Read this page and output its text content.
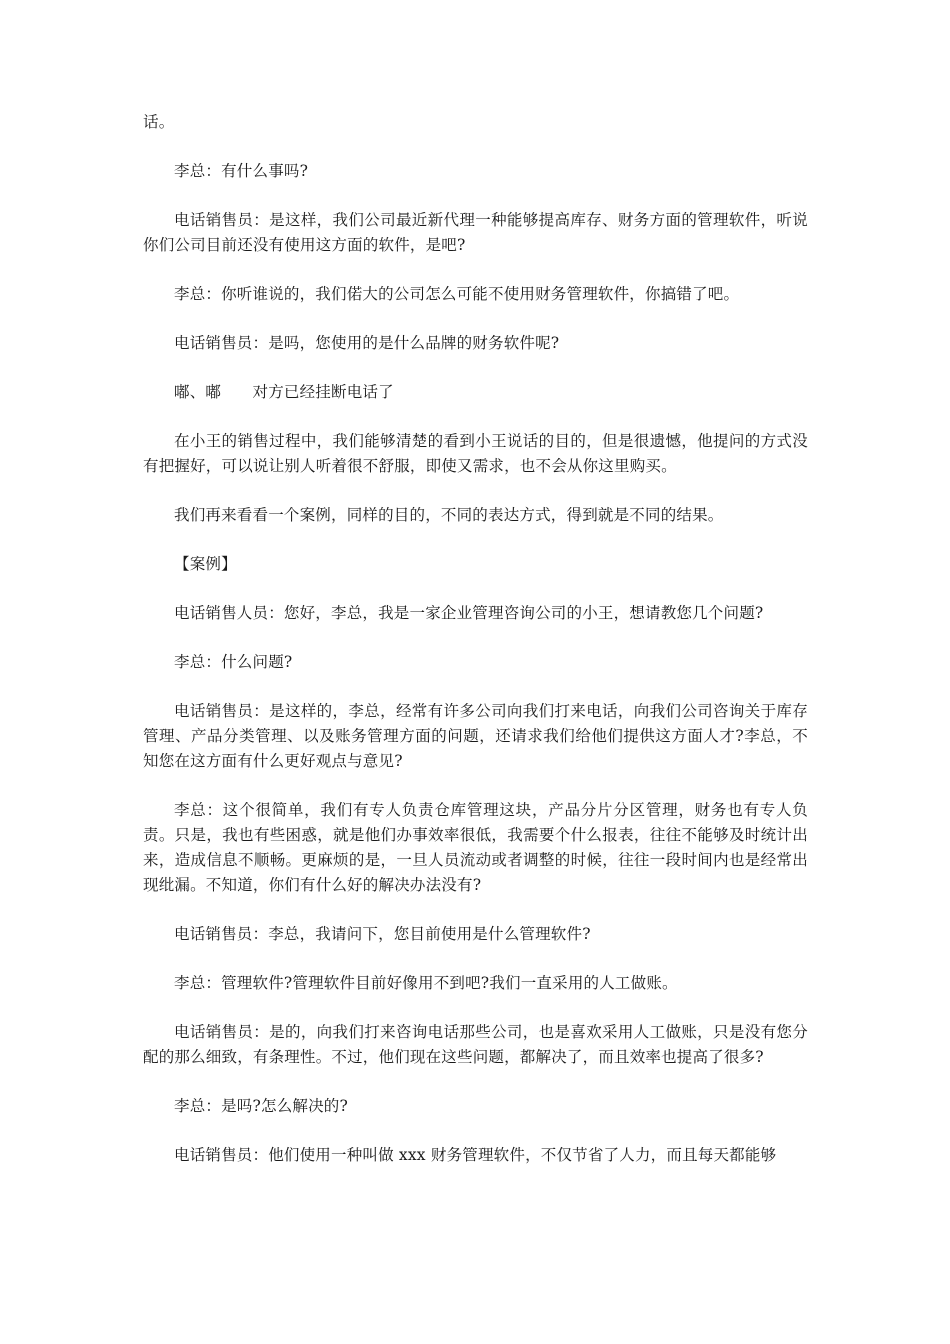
话。

李总：有什么事吗?

电话销售员：是这样，我们公司最近新代理一种能够提高库存、财务方面的管理软件，听说你们公司目前还没有使用这方面的软件，是吧?

李总：你听谁说的，我们偌大的公司怎么可能不使用财务管理软件，你搞错了吧。

电话销售员：是吗，您使用的是什么品牌的财务软件呢?

嘟、嘟　　对方已经挂断电话了

在小王的销售过程中，我们能够清楚的看到小王说话的目的，但是很遗憾，他提问的方式没有把握好，可以说让别人听着很不舒服，即使又需求，也不会从你这里购买。

我们再来看看一个案例，同样的目的，不同的表达方式，得到就是不同的结果。

【案例】

电话销售人员：您好，李总，我是一家企业管理咨询公司的小王，想请教您几个问题?

李总：什么问题?

电话销售员：是这样的，李总，经常有许多公司向我们打来电话，向我们公司咨询关于库存管理、产品分类管理、以及账务管理方面的问题，还请求我们给他们提供这方面人才?李总，不知您在这方面有什么更好观点与意见?

李总：这个很简单，我们有专人负责仓库管理这块，产品分片分区管理，财务也有专人负责。只是，我也有些困惑，就是他们办事效率很低，我需要个什么报表，往往不能够及时统计出来，造成信息不顺畅。更麻烦的是，一旦人员流动或者调整的时候，往往一段时间内也是经常出现纰漏。不知道，你们有什么好的解决办法没有?

电话销售员：李总，我请问下，您目前使用是什么管理软件?

李总：管理软件?管理软件目前好像用不到吧?我们一直采用的人工做账。

电话销售员：是的，向我们打来咨询电话那些公司，也是喜欢采用人工做账，只是没有您分配的那么细致，有条理性。不过，他们现在这些问题，都解决了，而且效率也提高了很多?

李总：是吗?怎么解决的?

电话销售员：他们使用一种叫做 xxx 财务管理软件，不仅节省了人力，而且每天都能够
